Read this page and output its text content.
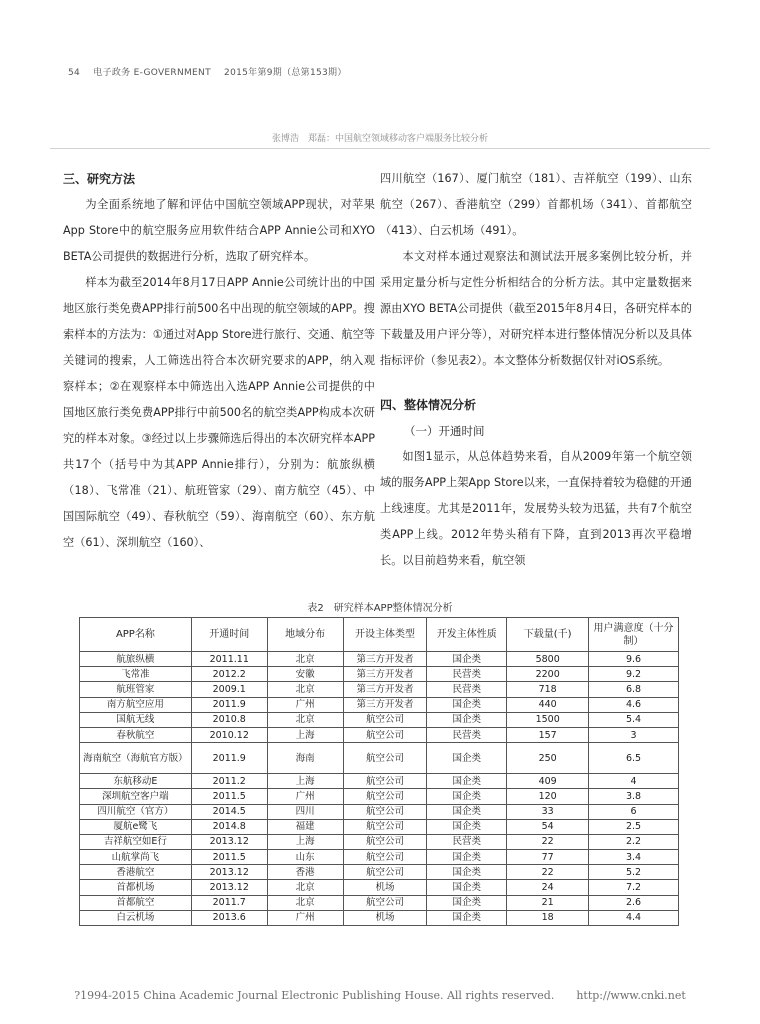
54 电子政务 E-GOVERNMENT 2015年第9期（总第153期）
张博浩　郑磊：中国航空领域移动客户端服务比较分析
三、研究方法

为全面系统地了解和评估中国航空领域APP现状，对苹果App Store中的航空服务应用软件结合APP Annie公司和XYO BETA公司提供的数据进行分析，选取了研究样本。

样本为截至2014年8月17日APP Annie公司统计出的中国地区旅行类免费APP排行前500名中出现的航空领域的APP。搜索样本的方法为：①通过对App Store进行旅行、交通、航空等关键词的搜索，人工筛选出符合本次研究要求的APP，纳入观察样本；②在观察样本中筛选出入选APP Annie公司提供的中国地区旅行类免费APP排行中前500名的航空类APP构成本次研究的样本对象。③经过以上步骤筛选后得出的本次研究样本APP共17个（括号中为其APP Annie排行），分别为：航旅纵横（18）、飞常准（21）、航班管家（29）、南方航空（45）、中国国际航空（49）、春秋航空（59）、海南航空（60）、东方航空（61）、深圳航空（160）、

四川航空（167）、厦门航空（181）、吉祥航空（199）、山东航空（267）、香港航空（299）首都机场（341）、首都航空（413）、白云机场（491）。

本文对样本通过观察法和测试法开展多案例比较分析，并采用定量分析与定性分析相结合的分析方法。其中定量数据来源由XYO BETA公司提供（截至2015年8月4日，各研究样本的下载量及用户评分等），对研究样本进行整体情况分析以及具体指标评价（参见表2）。本文整体分析数据仅针对iOS系统。

四、整体情况分析
（一）开通时间

如图1显示，从总体趋势来看，自从2009年第一个航空领域的服务APP上架App Store以来，一直保持着较为稳健的开通上线速度。尤其是2011年，发展势头较为迅猛，共有7个航空类APP上线。2012年势头稍有下降，直到2013再次平稳增长。以目前趋势来看，航空领

表2　研究样本APP整体情况分析
APP名称	开通时间	地域分布	开设主体类型	开发主体性质	下载量(千)	用户满意度（十分制）
航旅纵横	2011.11	北京	第三方开发者	国企类	5800	9.6
飞常准	2012.2	安徽	第三方开发者	民营类	2200	9.2
航班管家	2009.1	北京	第三方开发者	民营类	718	6.8
南方航空应用	2011.9	广州	第三方开发者	国企类	440	4.6
国航无线	2010.8	北京	航空公司	国企类	1500	5.4
春秋航空	2010.12	上海	航空公司	民营类	157	3
海南航空（海航官方版）	2011.9	海南	航空公司	国企类	250	6.5
东航移动E	2011.2	上海	航空公司	国企类	409	4
深圳航空客户端	2011.5	广州	航空公司	国企类	120	3.8
四川航空（官方）	2014.5	四川	航空公司	国企类	33	6
厦航e鹭飞	2014.8	福建	航空公司	国企类	54	2.5
吉祥航空如E行	2013.12	上海	航空公司	民营类	22	2.2
山航掌尚飞	2011.5	山东	航空公司	国企类	77	3.4
香港航空	2013.12	香港	航空公司	国企类	22	5.2
首都机场	2013.12	北京	机场	国企类	24	7.2
首都航空	2011.7	北京	航空公司	国企类	21	2.6
白云机场	2013.6	广州	机场	国企类	18	4.4
?1994-2015 China Academic Journal Electronic Publishing House. All rights reserved.　　http://www.cnki.net
